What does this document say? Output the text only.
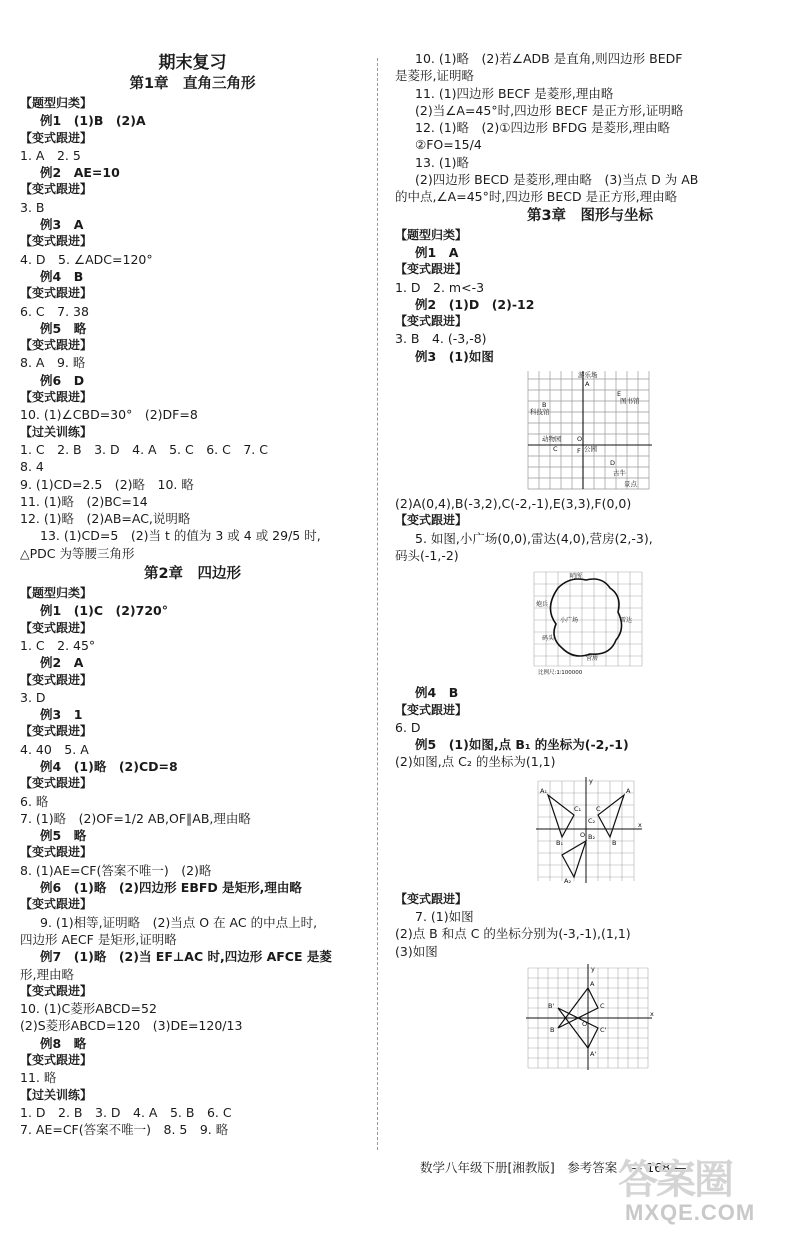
期末复习
第1章　直角三角形
【题型归类】
例1　(1)B　(2)A
【变式跟进】
1. A　2. 5
例2　AE=10
【变式跟进】
3. B
例3　A
【变式跟进】
4. D　5. ∠ADC=120°
例4　B
【变式跟进】
6. C　7. 38
例5　略
【变式跟进】
8. A　9. 略
例6　D
【变式跟进】
10. (1)∠CBD=30°　(2)DF=8
【过关训练】
1. C　2. B　3. D　4. A　5. C　6. C　7. C
8. 4
9. (1)CD=2.5　(2)略　10. 略
11. (1)略　(2)BC=14
12. (1)略　(2)AB=AC,说明略
13. (1)CD=5　(2)当 t 的值为 3 或 4 或 29/5 时,
△PDC 为等腰三角形
第2章　四边形
【题型归类】
例1　(1)C　(2)720°
【变式跟进】
1. C　2. 45°
例2　A
【变式跟进】
3. D
例3　1
【变式跟进】
4. 40　5. A
例4　(1)略　(2)CD=8
【变式跟进】
6. 略
7. (1)略　(2)OF=1/2 AB,OF∥AB,理由略
例5　略
【变式跟进】
8. (1)AE=CF(答案不唯一)　(2)略
例6　(1)略　(2)四边形 EBFD 是矩形,理由略
【变式跟进】
9. (1)相等,证明略　(2)当点 O 在 AC 的中点上时,
四边形 AECF 是矩形,证明略
例7　(1)略　(2)当 EF⊥AC 时,四边形 AFCE 是菱
形,理由略
【变式跟进】
10. (1)C菱形ABCD=52
(2)S菱形ABCD=120　(3)DE=120/13
例8　略
【变式跟进】
11. 略
【过关训练】
1. D　2. B　3. D　4. A　5. B　6. C
7. AE=CF(答案不唯一)　8. 5　9. 略
10. (1)略　(2)若∠ADB 是直角,则四边形 BEDF
是菱形,证明略
11. (1)四边形 BECF 是菱形,理由略
(2)当∠A=45°时,四边形 BECF 是正方形,证明略
12. (1)略　(2)①四边形 BFDG 是菱形,理由略
②FO=15/4
13. (1)略
(2)四边形 BECD 是菱形,理由略　(3)当点 D 为 AB
的中点,∠A=45°时,四边形 BECD 是正方形,理由略
第3章　图形与坐标
【题型归类】
例1　A
【变式跟进】
1. D　2. m<-3
例2　(1)D　(2)-12
【变式跟进】
3. B　4. (-3,-8)
例3　(1)如图
A
B
C
D
E
F
O
游乐场
图书馆
科技馆
动物园
公园
古牛
景点
(2)A(0,4),B(-3,2),C(-2,-1),E(3,3),F(0,0)
【变式跟进】
5. 如图,小广场(0,0),雷达(4,0),营房(2,-3),
码头(-1,-2)
哨所
炮兵
小广场
码头
营房
雷达
比例尺:1∶100000
例4　B
【变式跟进】
6. D
例5　(1)如图,点 B₁ 的坐标为(-2,-1)
(2)如图,点 C₂ 的坐标为(1,1)
A₁	A
B₁	B
C₁ C
C₂
A₂
B₂
x
y
O
【变式跟进】
7. (1)如图
(2)点 B 和点 C 的坐标分别为(-3,-1),(1,1)
(3)如图
A
B
C
A'
B'
C'
x
y
O
数学八年级下册[湘教版]　参考答案　— 168 —
答案圈
MXQE.COM
